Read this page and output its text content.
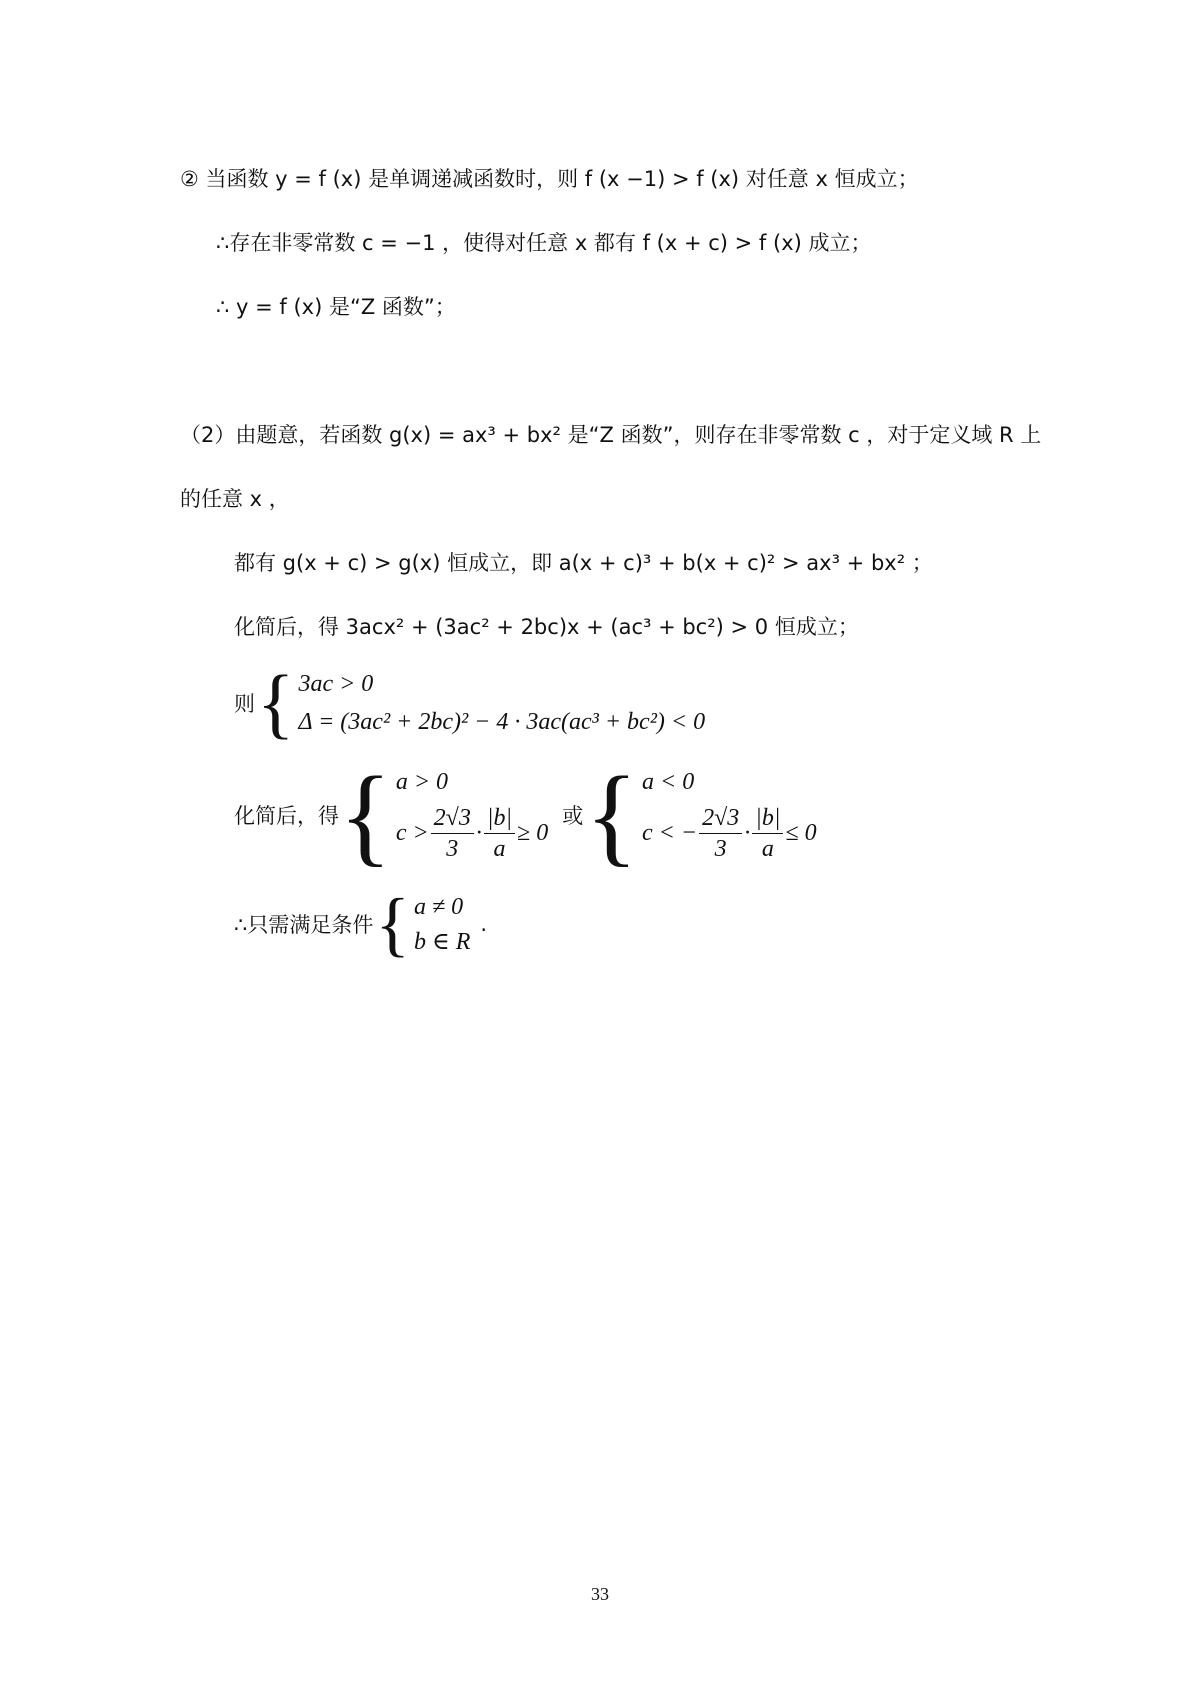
② 当函数 y = f (x) 是单调递减函数时，则 f (x −1) > f (x) 对任意 x 恒成立；
∴存在非零常数 c = −1 ，使得对任意 x 都有 f (x + c) > f (x) 成立；
∴ y = f (x) 是“Z 函数”；
（2）由题意，若函数 g(x) = ax³ + bx² 是“Z 函数”，则存在非零常数 c ，对于定义域 R 上
的任意 x ，
都有 g(x + c) > g(x) 恒成立，即 a(x + c)³ + b(x + c)² > ax³ + bx² ；
化简后，得 3acx² + (3ac² + 2bc)x + (ac³ + bc²) > 0 恒成立；
则 { 3ac > 0
Δ = (3ac² + 2bc)² − 4 · 3ac(ac³ + bc²) < 0
化简后，得 { a > 0
$c > \frac{2√3}{3} \cdot \frac{|b|}{a} \ge 0$
或 { a < 0
c < − $\frac{2√3}{3} \cdot \frac{|b|}{a} \le 0$
∴只需满足条件 { a ≠ 0
b ∈ R
.
33
